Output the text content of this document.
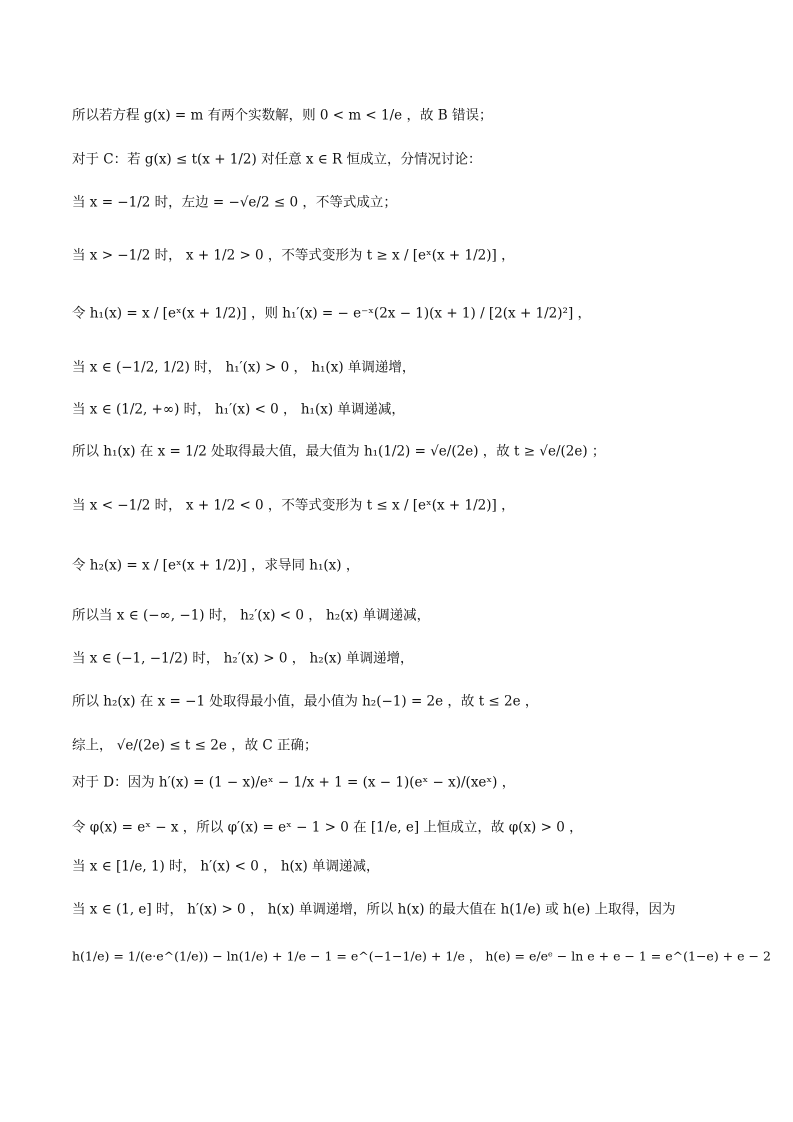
所以若方程 g(x) = m 有两个实数解，则 0 < m < 1/e ，故 B 错误；
对于 C：若 g(x) ≤ t(x + 1/2) 对任意 x ∈ R 恒成立，分情况讨论：
当 x = −1/2 时，左边 = −√e/2 ≤ 0 ，不等式成立；
当 x > −1/2 时， x + 1/2 > 0 ，不等式变形为 t ≥ x / [eˣ(x + 1/2)] ，
令 h₁(x) = x / [eˣ(x + 1/2)] ，则 h₁′(x) = − e⁻ˣ(2x − 1)(x + 1) / [2(x + 1/2)²] ，
当 x ∈ (−1/2, 1/2) 时， h₁′(x) > 0 ， h₁(x) 单调递增，
当 x ∈ (1/2, +∞) 时， h₁′(x) < 0 ， h₁(x) 单调递减，
所以 h₁(x) 在 x = 1/2 处取得最大值，最大值为 h₁(1/2) = √e/(2e) ，故 t ≥ √e/(2e) ；
当 x < −1/2 时， x + 1/2 < 0 ，不等式变形为 t ≤ x / [eˣ(x + 1/2)] ，
令 h₂(x) = x / [eˣ(x + 1/2)] ，求导同 h₁(x) ，
所以当 x ∈ (−∞, −1) 时， h₂′(x) < 0 ， h₂(x) 单调递减，
当 x ∈ (−1, −1/2) 时， h₂′(x) > 0 ， h₂(x) 单调递增，
所以 h₂(x) 在 x = −1 处取得最小值，最小值为 h₂(−1) = 2e ，故 t ≤ 2e ，
综上， √e/(2e) ≤ t ≤ 2e ，故 C 正确；
对于 D：因为 h′(x) = (1 − x)/eˣ − 1/x + 1 = (x − 1)(eˣ − x)/(xeˣ) ，
令 φ(x) = eˣ − x ，所以 φ′(x) = eˣ − 1 > 0 在 [1/e, e] 上恒成立，故 φ(x) > 0 ，
当 x ∈ [1/e, 1) 时， h′(x) < 0 ， h(x) 单调递减，
当 x ∈ (1, e] 时， h′(x) > 0 ， h(x) 单调递增，所以 h(x) 的最大值在 h(1/e) 或 h(e) 上取得，因为
h(1/e) = 1/(e·e^(1/e)) − ln(1/e) + 1/e − 1 = e^(−1−1/e) + 1/e ， h(e) = e/eᵉ − ln e + e − 1 = e^(1−e) + e − 2
